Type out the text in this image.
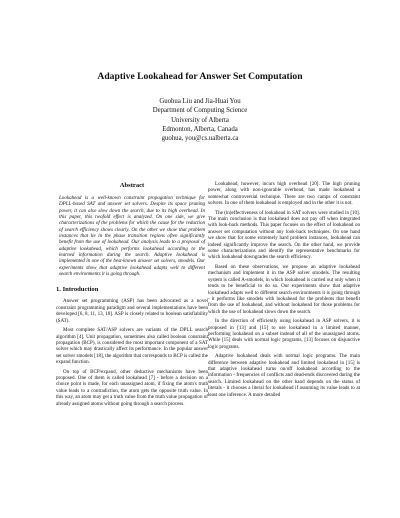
Adaptive Lookahead for Answer Set Computation
Guohua Liu and Jia-Huai You
Department of Computing Science
University of Alberta
Edmonton, Alberta, Canada
guohua, you@cs.ualberta.ca
Abstract
Lookahead is a well-known constraint propagation technique for DPLL-based SAT and answer set solvers. Despite its space pruning power, it can also slow down the search, due to its high overhead. In this paper, this twofold effect is analyzed. On one side, we give characterizations of the problems for which the cause for the reduction of search efficiency shows clearly. On the other we show that problem instances that lie in the phase transition regions often significantly benefit from the use of lookahead. Our analysis leads to a proposal of adaptive lookahead, which performs lookahead according to the learned information during the search. Adaptive lookahead is implemented in one of the best-known answer set solvers, smodels. Our experiments show that adaptive lookahead adapts well to different search environments it is going through.
1. Introduction

Answer set programming (ASP) has been advocated as a novel constraint programming paradigm and several implementations have been developed [6, 8, 11, 13, 18]. ASP is closely related to boolean satisfiability (SAT).

Most complete SAT/ASP solvers are variants of the DPLL search algorithm [4]. Unit propagation, sometimes also called boolean constraint propagation (BCP), is considered the most important component of a SAT solver which may drastically affect its performance. In the popular answer set solver smodels [18], the algorithm that corresponds to BCP is called the expand function.

On top of BCP/expand, other deductive mechanisms have been proposed. One of them is called lookahead [7] - before a decision on a choice point is made, for each unassigned atom, if fixing the atom's truth value leads to a contradiction, the atom gets the opposite truth value. In this way, an atom may get a truth value from the truth value propagation of already assigned atoms without going through a search process.

Lookahead, however, incurs high overhead [20]. The high pruning power, along with non-ignorable overhead, has made lookahead a somewhat controversial technique. There are two camps of constraint solvers. In one of them lookahead is employed and in the other it is not.

The (in)effectiveness of lookahead in SAT solvers were studied in [10]. The main conclusion is that lookahead does not pay off when integrated with look-back methods. This paper focuses on the effect of lookahead on answer set computation without any look-back techniques. On one hand we show that for some extremely hard problem instances, lookahead can indeed significantly improve the search. On the other hand, we provide some characterizations and identify the representative benchmarks for which lookahead downgrades the search efficiency.

Based on these observations, we propose an adaptive lookahead mechanism and implement it in the ASP solver smodels. The resulting system is called A-smodels, in which lookahead is carried out only when it tends to be beneficial to do so. Our experiments show that adaptive lookahead adapts well to different search environments it is going through - it performs like smodels with lookahead for the problems that benefit from the use of lookahead, and without lookahead for those problems for which the use of lookahead slows down the search.

In the direction of efficiently using lookahead in ASP solvers, it is proposed in [13] and [15] to use lookahead in a limited manner, performing lookahead on a subset instead of all of the unassigned atoms. While [15] deals with normal logic programs, [13] focuses on disjunctive logic programs.

Adaptive lookahead deals with normal logic programs. The main difference between adaptive lookahead and limited lookahead in [15] is that adaptive lookahead turns on/off lookahead according to the information - frequencies of conflicts and dead-ends discovered during the search. Limited lookahead on the other hand depends on the status of literals - it chooses a literal for lookahead if assuming its value leads to at least one inference. A more detailed
